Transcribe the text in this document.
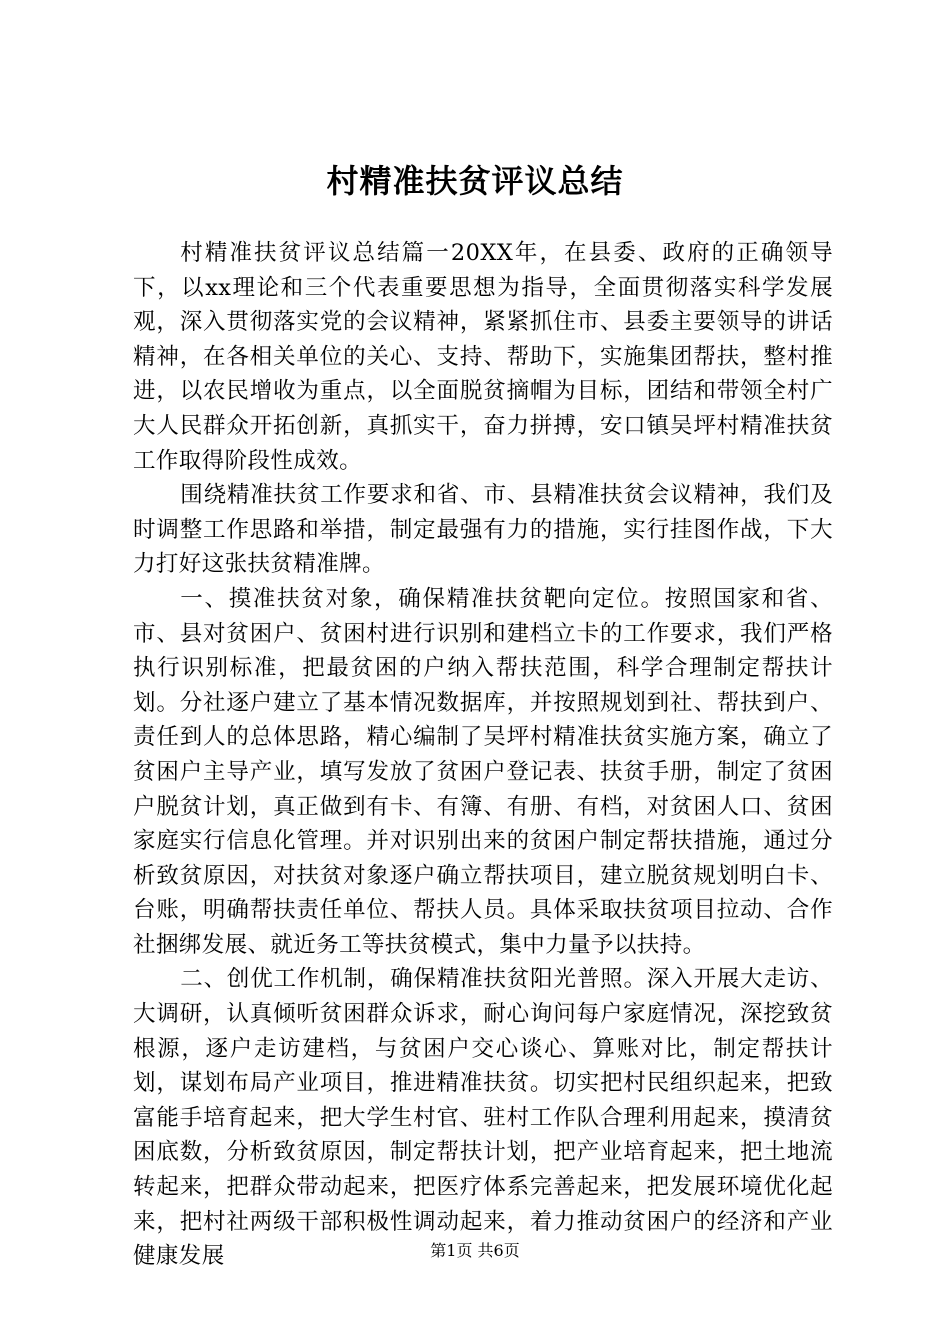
村精准扶贫评议总结

村精准扶贫评议总结篇一20XX年，在县委、政府的正确领导下，以xx理论和三个代表重要思想为指导，全面贯彻落实科学发展观，深入贯彻落实党的会议精神，紧紧抓住市、县委主要领导的讲话精神，在各相关单位的关心、支持、帮助下，实施集团帮扶，整村推进，以农民增收为重点，以全面脱贫摘帽为目标，团结和带领全村广大人民群众开拓创新，真抓实干，奋力拼搏，安口镇吴坪村精准扶贫工作取得阶段性成效。

围绕精准扶贫工作要求和省、市、县精准扶贫会议精神，我们及时调整工作思路和举措，制定最强有力的措施，实行挂图作战，下大力打好这张扶贫精准牌。

一、摸准扶贫对象，确保精准扶贫靶向定位。按照国家和省、市、县对贫困户、贫困村进行识别和建档立卡的工作要求，我们严格执行识别标准，把最贫困的户纳入帮扶范围，科学合理制定帮扶计划。分社逐户建立了基本情况数据库，并按照规划到社、帮扶到户、责任到人的总体思路，精心编制了吴坪村精准扶贫实施方案，确立了贫困户主导产业，填写发放了贫困户登记表、扶贫手册，制定了贫困户脱贫计划，真正做到有卡、有簿、有册、有档，对贫困人口、贫困家庭实行信息化管理。并对识别出来的贫困户制定帮扶措施，通过分析致贫原因，对扶贫对象逐户确立帮扶项目，建立脱贫规划明白卡、台账，明确帮扶责任单位、帮扶人员。具体采取扶贫项目拉动、合作社捆绑发展、就近务工等扶贫模式，集中力量予以扶持。

二、创优工作机制，确保精准扶贫阳光普照。深入开展大走访、大调研，认真倾听贫困群众诉求，耐心询问每户家庭情况，深挖致贫根源，逐户走访建档，与贫困户交心谈心、算账对比，制定帮扶计划，谋划布局产业项目，推进精准扶贫。切实把村民组织起来，把致富能手培育起来，把大学生村官、驻村工作队合理利用起来，摸清贫困底数，分析致贫原因，制定帮扶计划，把产业培育起来，把土地流转起来，把群众带动起来，把医疗体系完善起来，把发展环境优化起来，把村社两级干部积极性调动起来，着力推动贫困户的经济和产业健康发展	第1页 共6页
